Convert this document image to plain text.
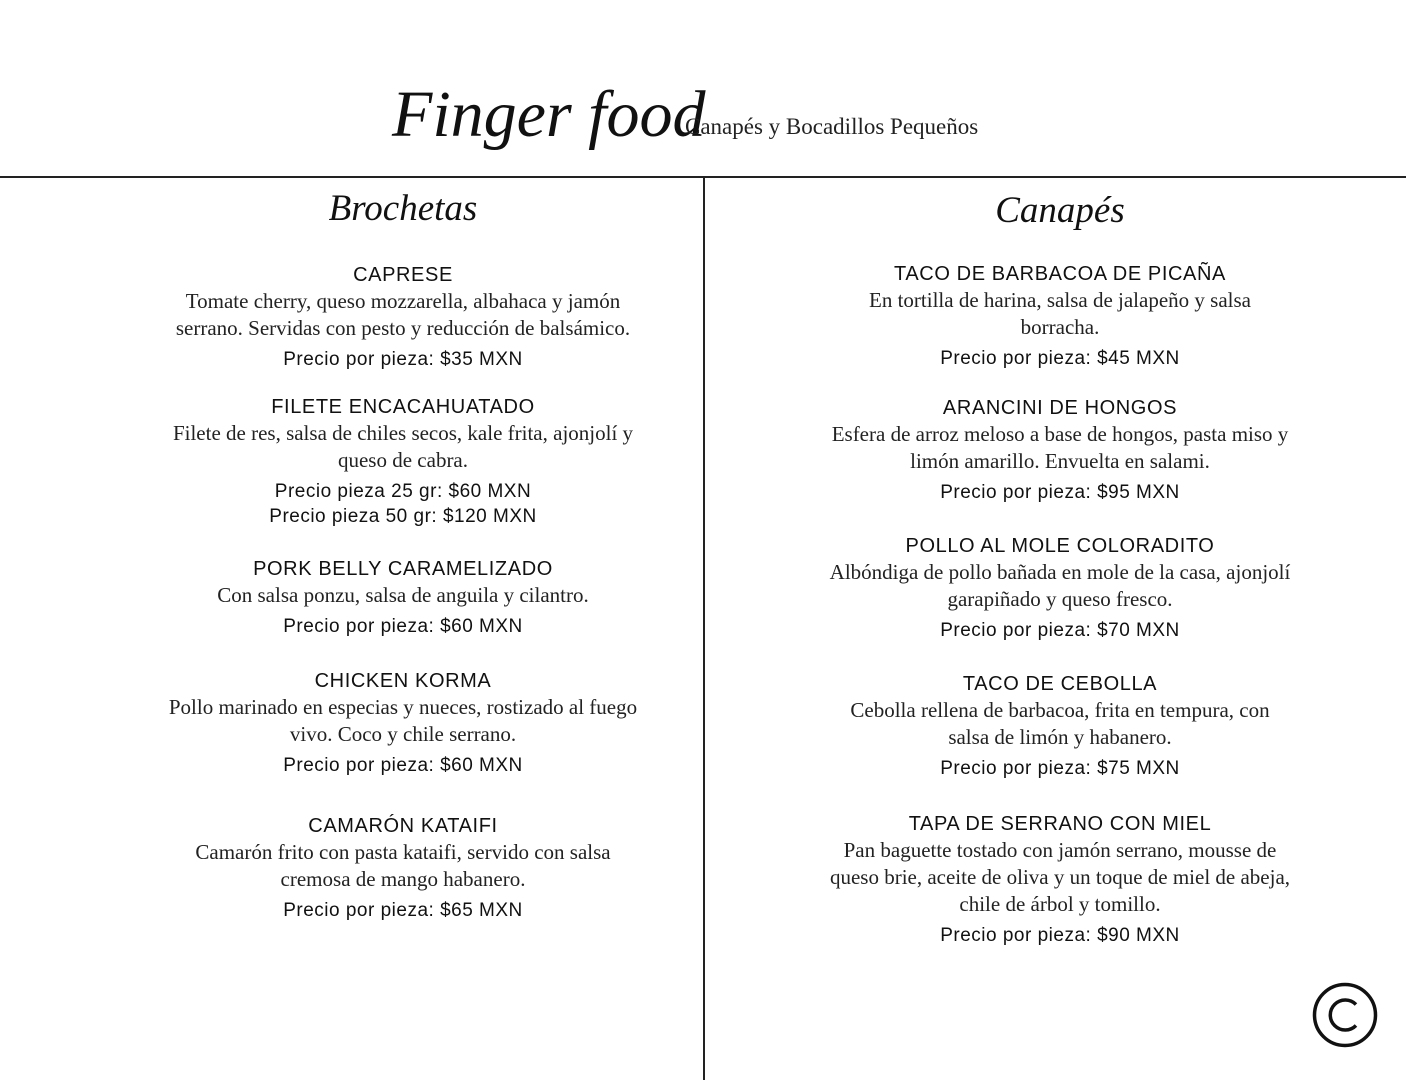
Finger food
Canapés y Bocadillos Pequeños
Brochetas
CAPRESE
Tomate cherry, queso mozzarella, albahaca y jamón
serrano. Servidas con pesto y reducción de balsámico.
Precio por pieza: $35 MXN
FILETE ENCACAHUATADO
Filete de res, salsa de chiles secos, kale frita, ajonjolí y
queso de cabra.
Precio pieza 25 gr: $60 MXN
Precio pieza 50 gr: $120 MXN
PORK BELLY CARAMELIZADO
Con salsa ponzu, salsa de anguila y cilantro.
Precio por pieza: $60 MXN
CHICKEN KORMA
Pollo marinado en especias y nueces, rostizado al fuego
vivo. Coco y chile serrano.
Precio por pieza: $60 MXN
CAMARÓN KATAIFI
Camarón frito con pasta kataifi, servido con salsa
cremosa de mango habanero.
Precio por pieza: $65 MXN
Canapés
TACO DE BARBACOA DE PICAÑA
En tortilla de harina, salsa de jalapeño y salsa
borracha.
Precio por pieza: $45 MXN
ARANCINI DE HONGOS
Esfera de arroz meloso a base de hongos, pasta miso y
limón amarillo. Envuelta en salami.
Precio por pieza: $95 MXN
POLLO AL MOLE COLORADITO
Albóndiga de pollo bañada en mole de la casa, ajonjolí
garapiñado y queso fresco.
Precio por pieza: $70 MXN
TACO DE CEBOLLA
Cebolla rellena de barbacoa, frita en tempura, con
salsa de limón y habanero.
Precio por pieza: $75 MXN
TAPA DE SERRANO CON MIEL
Pan baguette tostado con jamón serrano, mousse de
queso brie, aceite de oliva y un toque de miel de abeja,
chile de árbol y tomillo.
Precio por pieza: $90 MXN
